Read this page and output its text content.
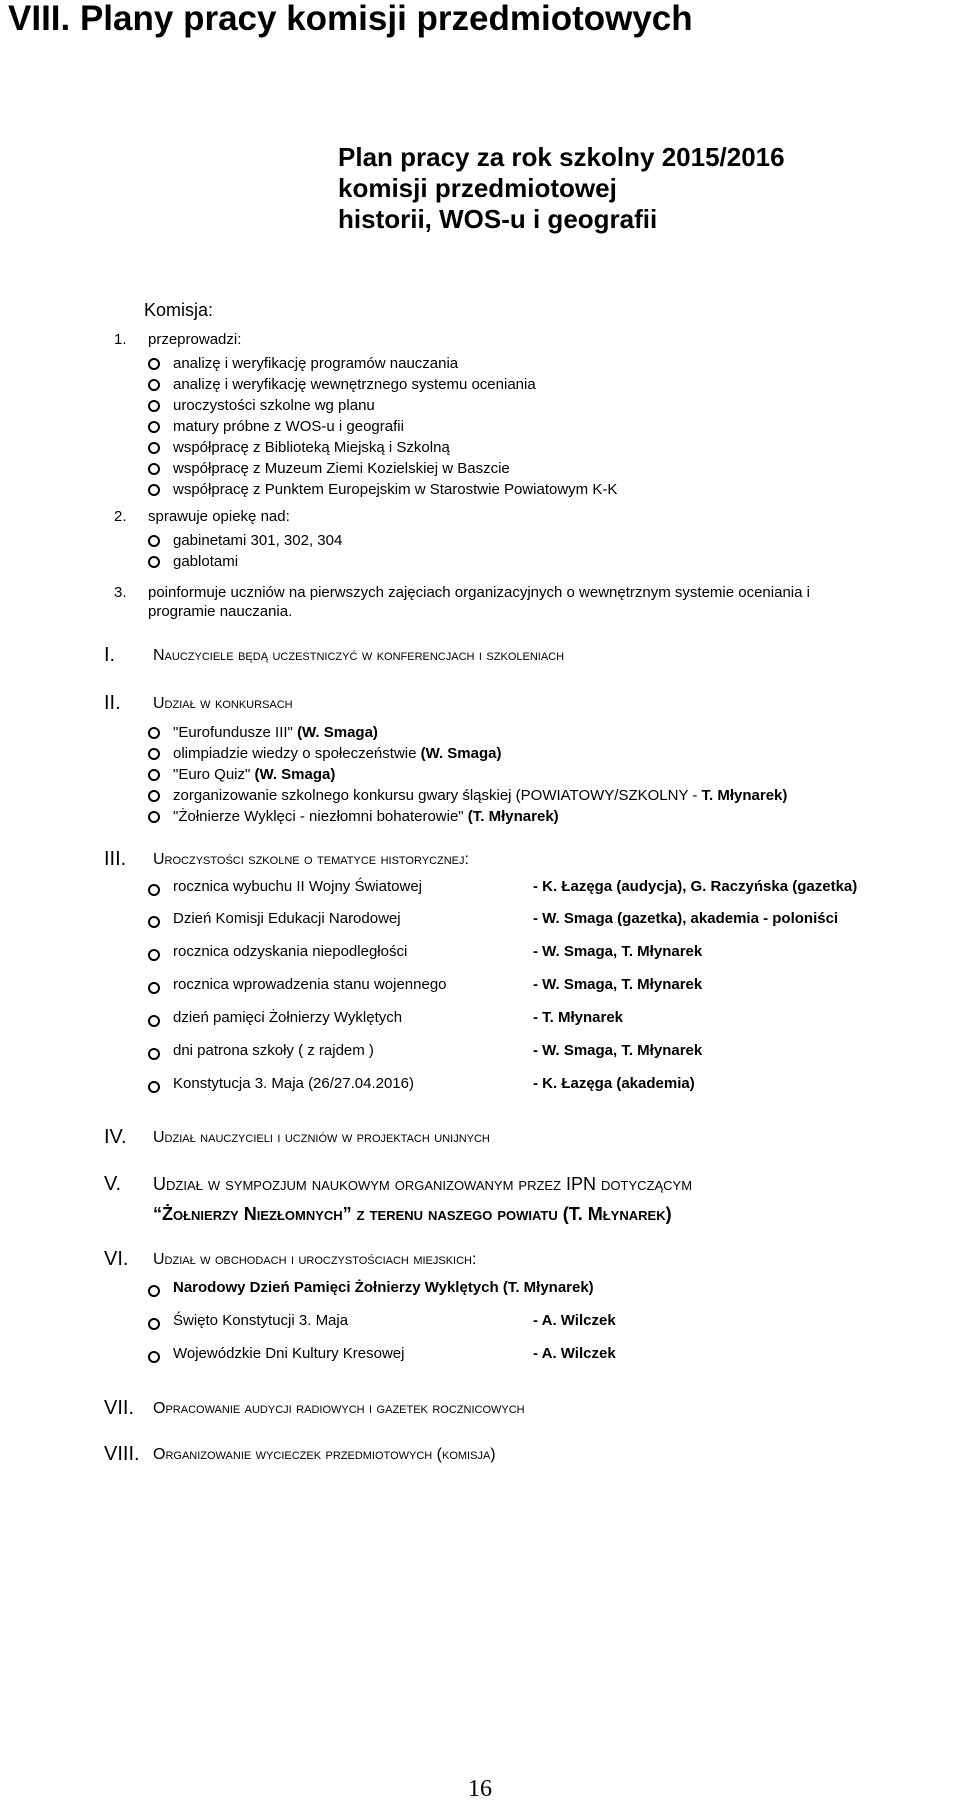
VIII. Plany pracy komisji przedmiotowych
Plan pracy za rok szkolny 2015/2016
komisji przedmiotowej
historii, WOS-u i geografii
Komisja:
1. przeprowadzi:
analizę i weryfikację programów nauczania
analizę i weryfikację wewnętrznego systemu oceniania
uroczystości szkolne wg planu
matury próbne z WOS-u i geografii
współpracę z Biblioteką Miejską i Szkolną
współpracę z Muzeum Ziemi Kozielskiej w Baszcie
współpracę z Punktem Europejskim w Starostwie Powiatowym K-K
2. sprawuje opiekę nad:
gabinetami 301, 302, 304
gablotami
3. poinformuje uczniów na pierwszych zajęciach organizacyjnych o wewnętrznym systemie oceniania i
programie nauczania.
I. Nauczyciele będą uczestniczyć w konferencjach i szkoleniach
II. Udział w konkursach
"Eurofundusze III" (W. Smaga)
olimpiadzie wiedzy o społeczeństwie (W. Smaga)
"Euro Quiz" (W. Smaga)
zorganizowanie szkolnego konkursu gwary śląskiej (POWIATOWY/SZKOLNY - T. Młynarek)
"Żołnierze Wyklęci - niezłomni bohaterowie" (T. Młynarek)
III. Uroczystości szkolne o tematyce historycznej:
rocznica wybuchu II Wojny Światowej	- K. Łazęga (audycja), G. Raczyńska (gazetka)
Dzień Komisji Edukacji Narodowej	- W. Smaga (gazetka), akademia - poloniści
rocznica odzyskania niepodległości	- W. Smaga, T. Młynarek
rocznica wprowadzenia stanu wojennego	- W. Smaga, T. Młynarek
dzień pamięci Żołnierzy Wyklętych	- T. Młynarek
dni patrona szkoły ( z rajdem )	- W. Smaga, T. Młynarek
Konstytucja 3. Maja (26/27.04.2016)	- K. Łazęga (akademia)
IV. Udział nauczycieli i uczniów w projektach unijnych
V. Udział w sympozjum naukowym organizowanym przez IPN dotyczącym
“Żołnierzy Niezłomnych” z terenu naszego powiatu (T. Młynarek)
VI. Udział w obchodach i uroczystościach miejskich:
Narodowy Dzień Pamięci Żołnierzy Wyklętych (T. Młynarek)
Święto Konstytucji 3. Maja	- A. Wilczek
Wojewódzkie Dni Kultury Kresowej	- A. Wilczek
VII. Opracowanie audycji radiowych i gazetek rocznicowych
VIII. Organizowanie wycieczek przedmiotowych (komisja)
16
